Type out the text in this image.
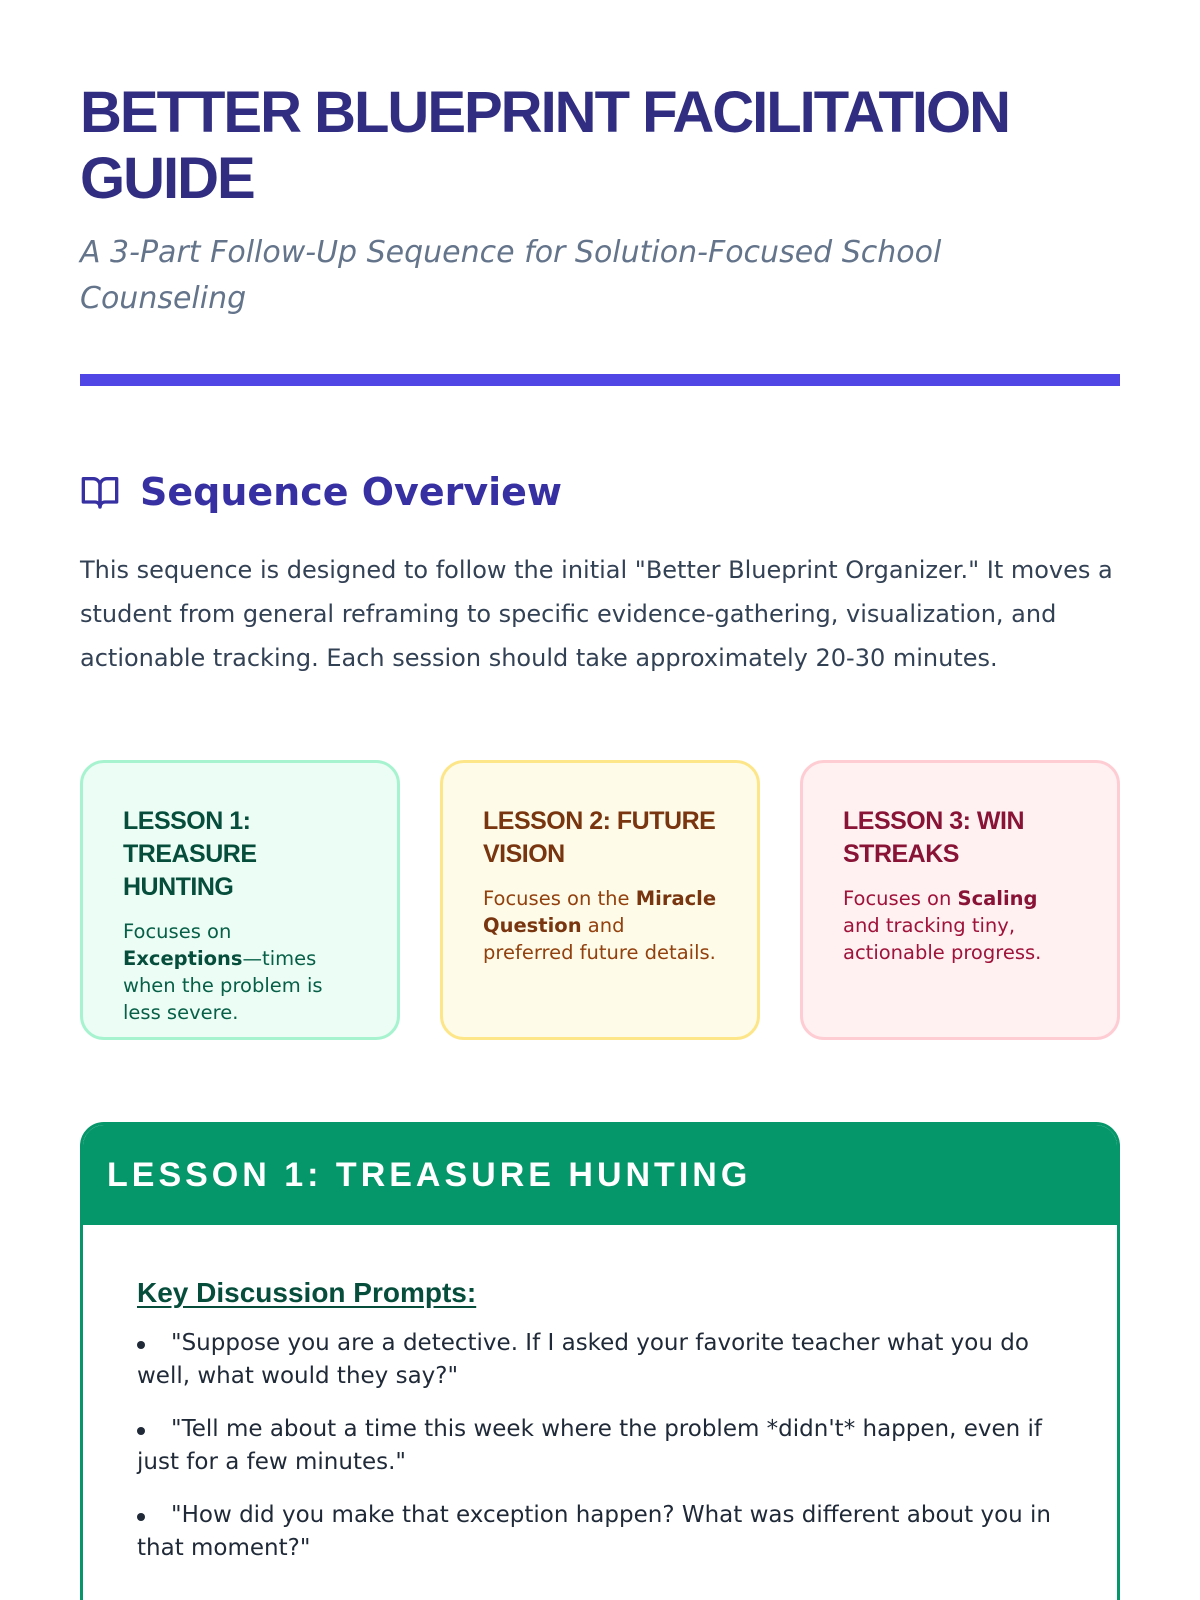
BETTER BLUEPRINT FACILITATION GUIDE
A 3-Part Follow-Up Sequence for Solution-Focused School Counseling
Sequence Overview

This sequence is designed to follow the initial "Better Blueprint Organizer." It moves a student from general reframing to specific evidence-gathering, visualization, and actionable tracking. Each session should take approximately 20-30 minutes.

LESSON 1: TREASURE HUNTING
Focuses on Exceptions—times when the problem is less severe.
LESSON 2: FUTURE VISION
Focuses on the Miracle Question and preferred future details.
LESSON 3: WIN STREAKS
Focuses on Scaling and tracking tiny, actionable progress.
LESSON 1: TREASURE HUNTING
Key Discussion Prompts:
"Suppose you are a detective. If I asked your favorite teacher what you do well, what would they say?"
"Tell me about a time this week where the problem *didn't* happen, even if just for a few minutes."
"How did you make that exception happen? What was different about you in that moment?"
